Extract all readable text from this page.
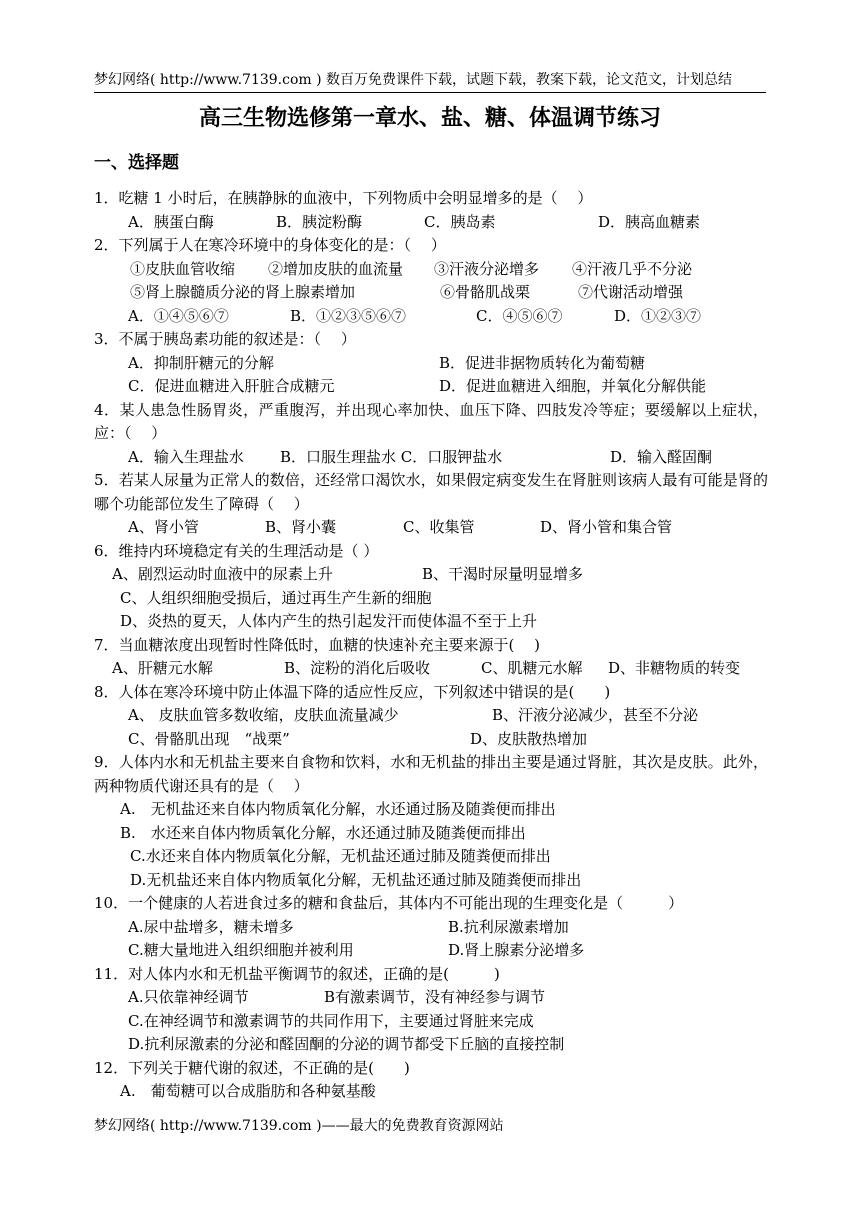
梦幻网络( http://www.7139.com ) 数百万免费课件下载，试题下载，教案下载，论文范文，计划总结
高三生物选修第一章水、盐、糖、体温调节练习
一、选择题
1．吃糖 1 小时后，在胰静脉的血液中，下列物质中会明显增多的是（　 ）
A．胰蛋白酶	B．胰淀粉酶	C．胰岛素	D．胰高血糖素
2．下列属于人在寒冷环境中的身体变化的是：（　 ）
①皮肤血管收缩 ②增加皮肤的血流量 ③汗液分泌增多 ④汗液几乎不分泌
⑤肾上腺髓质分泌的肾上腺素增加	⑥骨骼肌战栗	⑦代谢活动增强
A．①④⑤⑥⑦	B．①②③⑤⑥⑦	C．④⑤⑥⑦	D．①②③⑦
3．不属于胰岛素功能的叙述是：（　 ）
A．抑制肝糖元的分解	B．促进非据物质转化为葡萄糖
C．促进血糖进入肝脏合成糖元	D．促进血糖进入细胞，并氧化分解供能
4．某人患急性肠胃炎，严重腹泻，并出现心率加快、血压下降、四肢发冷等症；要缓解以上症状，应：（　 ）
A．输入生理盐水 B．口服生理盐水 C．口服钾盐水	D．输入醛固酮
5．若某人尿量为正常人的数倍，还经常口渴饮水，如果假定病变发生在肾脏则该病人最有可能是肾的哪个功能部位发生了障碍（　 ）
A、肾小管	B、肾小囊	C、收集管	D、肾小管和集合管
6．维持内环境稳定有关的生理活动是（ ）
A、剧烈运动时血液中的尿素上升	B、干渴时尿量明显增多
C、人组织细胞受损后，通过再生产生新的细胞
D、炎热的夏天，人体内产生的热引起发汗而使体温不至于上升
7．当血糖浓度出现暂时性降低时，血糖的快速补充主要来源于(　 )
A、肝糖元水解	B、淀粉的消化后吸收	C、肌糖元水解 D、非糖物质的转变
8．人体在寒冷环境中防止体温下降的适应性反应，下列叙述中错误的是(　　)
A、 皮肤血管多数收缩，皮肤血流量减少	B、汗液分泌减少，甚至不分泌
C、骨骼肌出现　“战栗”	D、皮肤散热增加
9．人体内水和无机盐主要来自食物和饮料，水和无机盐的排出主要是通过肾脏，其次是皮肤。此外，两种物质代谢还具有的是（　 ）
A.　无机盐还来自体内物质氧化分解，水还通过肠及随粪便而排出
B.　水还来自体内物质氧化分解，水还通过肺及随粪便而排出
C.水还来自体内物质氧化分解，无机盐还通过肺及随粪便而排出
D.无机盐还来自体内物质氧化分解，无机盐还通过肺及随粪便而排出
10．一个健康的人若进食过多的糖和食盐后，其体内不可能出现的生理变化是（　　　）
A.尿中盐增多，糖未增多	B.抗利尿激素增加
C.糖大量地进入组织细胞并被利用	D.肾上腺素分泌增多
11．对人体内水和无机盐平衡调节的叙述，正确的是(　　　)
A.只依靠神经调节	B有激素调节，没有神经参与调节
C.在神经调节和激素调节的共同作用下，主要通过肾脏来完成
D.抗利尿激素的分泌和醛固酮的分泌的调节都受下丘脑的直接控制
12．下列关于糖代谢的叙述，不正确的是(　　)
A.　葡萄糖可以合成脂肪和各种氨基酸
梦幻网络( http://www.7139.com )——最大的免费教育资源网站
